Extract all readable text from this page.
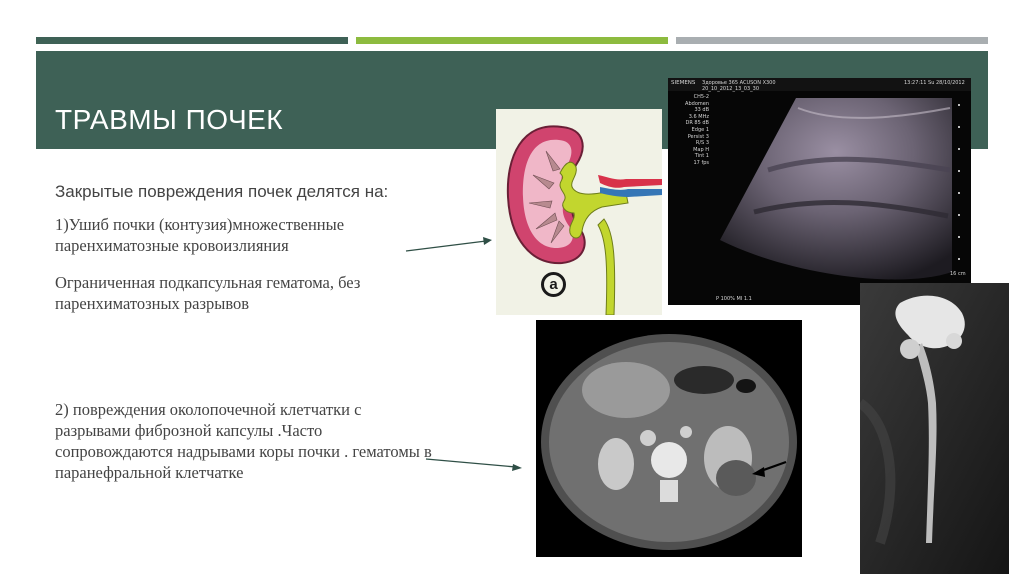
ТРАВМЫ ПОЧЕК
Закрытые повреждения почек делятся на:
1)Ушиб почки (контузия)множественные паренхиматозные кровоизлияния
Ограниченная подкапсульная гематома, без паренхиматозных разрывов
2) повреждения околопочечной клетчатки с разрывами фиброзной капсулы .Часто сопровождаются надрывами коры почки . гематомы в паранефральной клетчатке
a
SIEMENS Здоровье 365 ACUSON X300
20_10_2012_13_03_30
13:27:11 Su 28/10/2012
CH5-2
Abdomen
33 dB
3.6 MHz
DR 85 dB
Edge 1
Persist 3
R/S 3
Map H
Tint 1
17 fps
P 100% MI 1.1
16 cm
